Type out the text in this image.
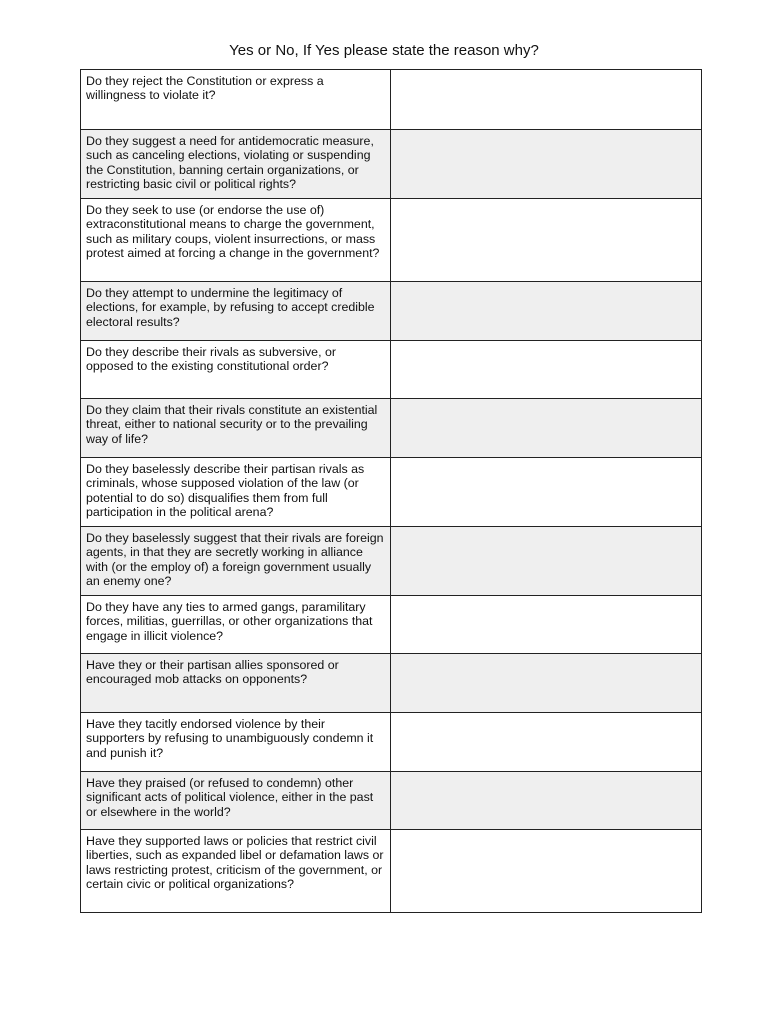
Yes or No, If Yes please state the reason why?
Do they reject the Constitution or express a willingness to violate it?
Do they suggest a need for antidemocratic measure, such as canceling elections, violating or suspending the Constitution, banning certain organizations, or restricting basic civil or political rights?
Do they seek to use (or endorse the use of) extraconstitutional means to charge the government, such as military coups, violent insurrections, or mass protest aimed at forcing a change in the government?
Do they attempt to undermine the legitimacy of elections, for example, by refusing to accept credible electoral results?
Do they describe their rivals as subversive, or opposed to the existing constitutional order?
Do they claim that their rivals constitute an existential threat, either to national security or to the prevailing way of life?
Do they baselessly describe their partisan rivals as criminals, whose supposed violation of the law (or potential to do so) disqualifies them from full participation in the political arena?
Do they baselessly suggest that their rivals are foreign agents, in that they are secretly working in alliance with (or the employ of) a foreign government usually an enemy one?
Do they have any ties to armed gangs, paramilitary forces, militias, guerrillas, or other organizations that engage in illicit violence?
Have they or their partisan allies sponsored or encouraged mob attacks on opponents?
Have they tacitly endorsed violence by their supporters by refusing to unambiguously condemn it and punish it?
Have they praised (or refused to condemn) other significant acts of political violence, either in the past or elsewhere in the world?
Have they supported laws or policies that restrict civil liberties, such as expanded libel or defamation laws or laws restricting protest, criticism of the government, or certain civic or political organizations?
